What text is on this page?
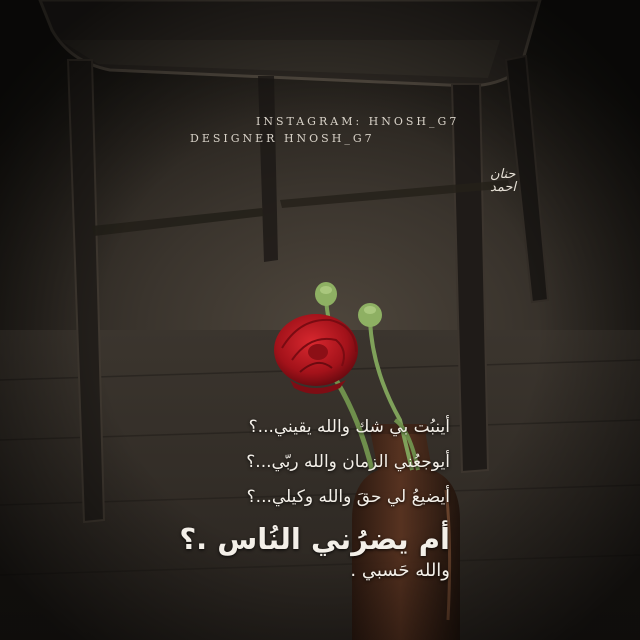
حنان احمد
INSTAGRAM: HNOSH_G7
DESIGNER HNOSH_G7
أينبُت بي شك والله يقيني...؟
أيوجعُني الزمان والله ربّي...؟
أيضيعُ لي حقَ والله وكيلي...؟
أم يضرُني النُاس .؟
والله حَسبي .
